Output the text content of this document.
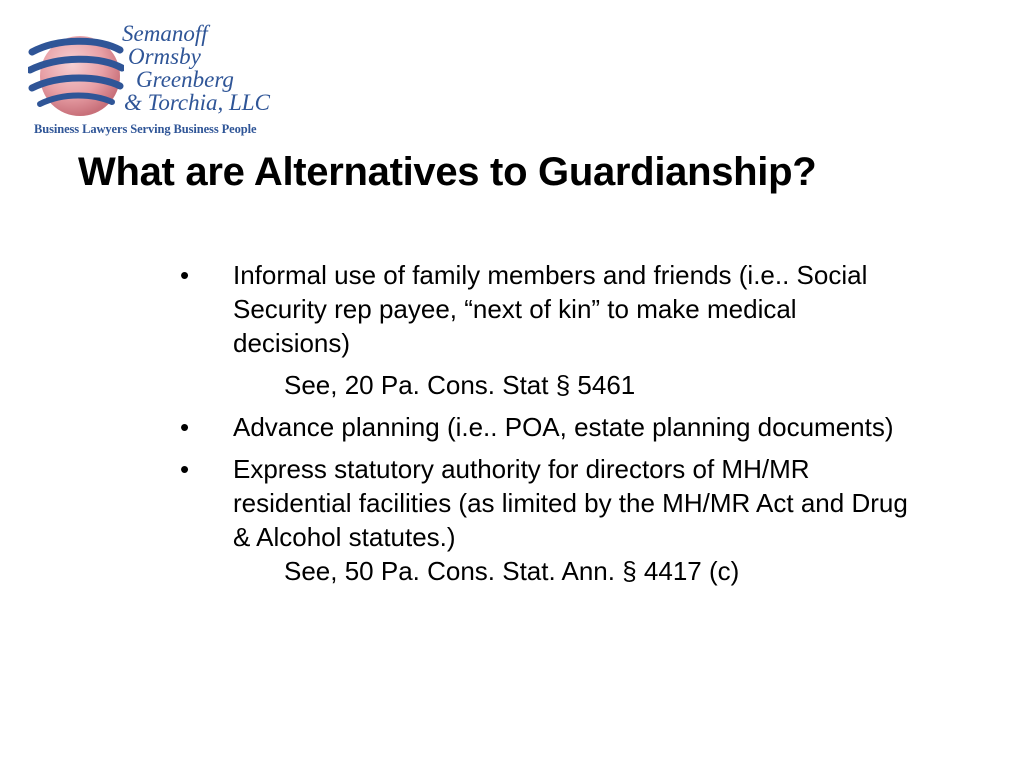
Semanoff
Ormsby
Greenberg
& Torchia, LLC
Business Lawyers Serving Business People
What are Alternatives to Guardianship?

• Informal use of family members and friends (i.e.. Social Security rep payee, “next of kin” to make medical decisions)

See, 20 Pa. Cons. Stat § 5461

• Advance planning (i.e.. POA, estate planning documents)

• Express statutory authority for directors of MH/MR residential facilities (as limited by the MH/MR Act and Drug & Alcohol statutes.)

See, 50 Pa. Cons. Stat. Ann. § 4417 (c)
